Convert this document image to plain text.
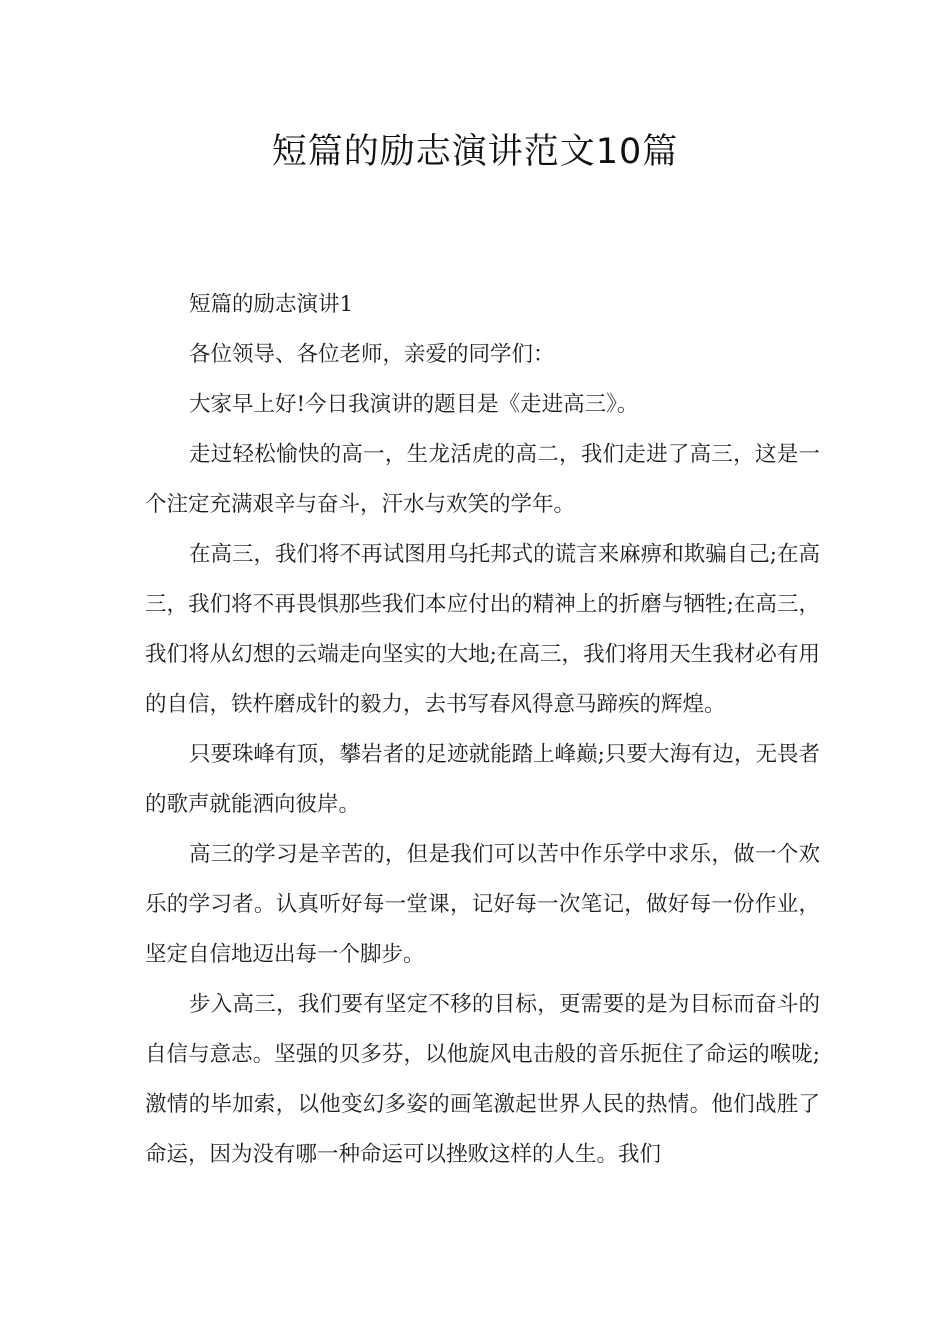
短篇的励志演讲范文10篇

短篇的励志演讲1

各位领导、各位老师，亲爱的同学们：

大家早上好!今日我演讲的题目是《走进高三》。

走过轻松愉快的高一，生龙活虎的高二，我们走进了高三，这是一个注定充满艰辛与奋斗，汗水与欢笑的学年。

在高三，我们将不再试图用乌托邦式的谎言来麻痹和欺骗自己;在高三，我们将不再畏惧那些我们本应付出的精神上的折磨与牺牲;在高三，我们将从幻想的云端走向坚实的大地;在高三，我们将用天生我材必有用的自信，铁杵磨成针的毅力，去书写春风得意马蹄疾的辉煌。

只要珠峰有顶，攀岩者的足迹就能踏上峰巅;只要大海有边，无畏者的歌声就能洒向彼岸。

高三的学习是辛苦的，但是我们可以苦中作乐学中求乐，做一个欢乐的学习者。认真听好每一堂课，记好每一次笔记，做好每一份作业，坚定自信地迈出每一个脚步。

步入高三，我们要有坚定不移的目标，更需要的是为目标而奋斗的自信与意志。坚强的贝多芬，以他旋风电击般的音乐扼住了命运的喉咙;激情的毕加索，以他变幻多姿的画笔激起世界人民的热情。他们战胜了命运，因为没有哪一种命运可以挫败这样的人生。我们
